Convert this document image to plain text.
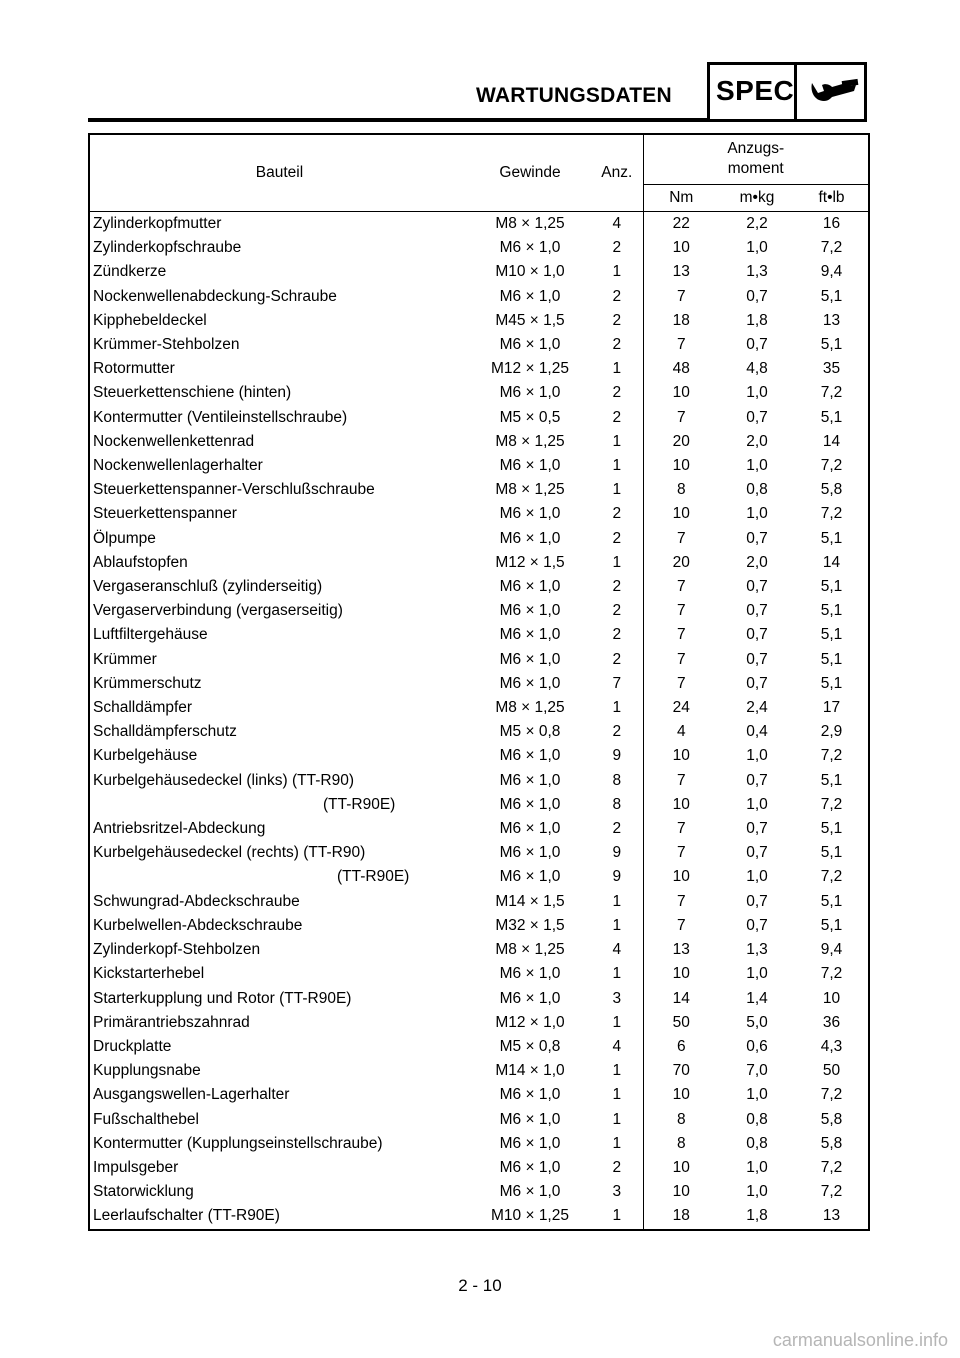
WARTUNGSDATEN SPEC
Bauteil	Gewinde	Anz.	Anzugs-
moment		
			Nm	m•kg	ft•lb
Zylinderkopfmutter	M8 × 1,25	4	22	2,2	16
Zylinderkopfschraube	M6 × 1,0	2	10	1,0	7,2
Zündkerze	M10 × 1,0	1	13	1,3	9,4
Nockenwellenabdeckung-Schraube	M6 × 1,0	2	7	0,7	5,1
Kipphebeldeckel	M45 × 1,5	2	18	1,8	13
Krümmer-Stehbolzen	M6 × 1,0	2	7	0,7	5,1
Rotormutter	M12 × 1,25	1	48	4,8	35
Steuerkettenschiene (hinten)	M6 × 1,0	2	10	1,0	7,2
Kontermutter (Ventileinstellschraube)	M5 × 0,5	2	7	0,7	5,1
Nockenwellenkettenrad	M8 × 1,25	1	20	2,0	14
Nockenwellenlagerhalter	M6 × 1,0	1	10	1,0	7,2
Steuerkettenspanner-Verschlußschraube	M8 × 1,25	1	8	0,8	5,8
Steuerkettenspanner	M6 × 1,0	2	10	1,0	7,2
Ölpumpe	M6 × 1,0	2	7	0,7	5,1
Ablaufstopfen	M12 × 1,5	1	20	2,0	14
Vergaseranschluß (zylinderseitig)	M6 × 1,0	2	7	0,7	5,1
Vergaserverbindung (vergaserseitig)	M6 × 1,0	2	7	0,7	5,1
Luftfiltergehäuse	M6 × 1,0	2	7	0,7	5,1
Krümmer	M6 × 1,0	2	7	0,7	5,1
Krümmerschutz	M6 × 1,0	7	7	0,7	5,1
Schalldämpfer	M8 × 1,25	1	24	2,4	17
Schalldämpferschutz	M5 × 0,8	2	4	0,4	2,9
Kurbelgehäuse	M6 × 1,0	9	10	1,0	7,2
Kurbelgehäusedeckel (links) (TT-R90)	M6 × 1,0	8	7	0,7	5,1
(TT-R90E)	M6 × 1,0	8	10	1,0	7,2
Antriebsritzel-Abdeckung	M6 × 1,0	2	7	0,7	5,1
Kurbelgehäusedeckel (rechts) (TT-R90)	M6 × 1,0	9	7	0,7	5,1
(TT-R90E)	M6 × 1,0	9	10	1,0	7,2
Schwungrad-Abdeckschraube	M14 × 1,5	1	7	0,7	5,1
Kurbelwellen-Abdeckschraube	M32 × 1,5	1	7	0,7	5,1
Zylinderkopf-Stehbolzen	M8 × 1,25	4	13	1,3	9,4
Kickstarterhebel	M6 × 1,0	1	10	1,0	7,2
Starterkupplung und Rotor (TT-R90E)	M6 × 1,0	3	14	1,4	10
Primärantriebszahnrad	M12 × 1,0	1	50	5,0	36
Druckplatte	M5 × 0,8	4	6	0,6	4,3
Kupplungsnabe	M14 × 1,0	1	70	7,0	50
Ausgangswellen-Lagerhalter	M6 × 1,0	1	10	1,0	7,2
Fußschalthebel	M6 × 1,0	1	8	0,8	5,8
Kontermutter (Kupplungseinstellschraube)	M6 × 1,0	1	8	0,8	5,8
Impulsgeber	M6 × 1,0	2	10	1,0	7,2
Statorwicklung	M6 × 1,0	3	10	1,0	7,2
Leerlaufschalter (TT-R90E)	M10 × 1,25	1	18	1,8	13
2 - 10
carmanualsonline.info
